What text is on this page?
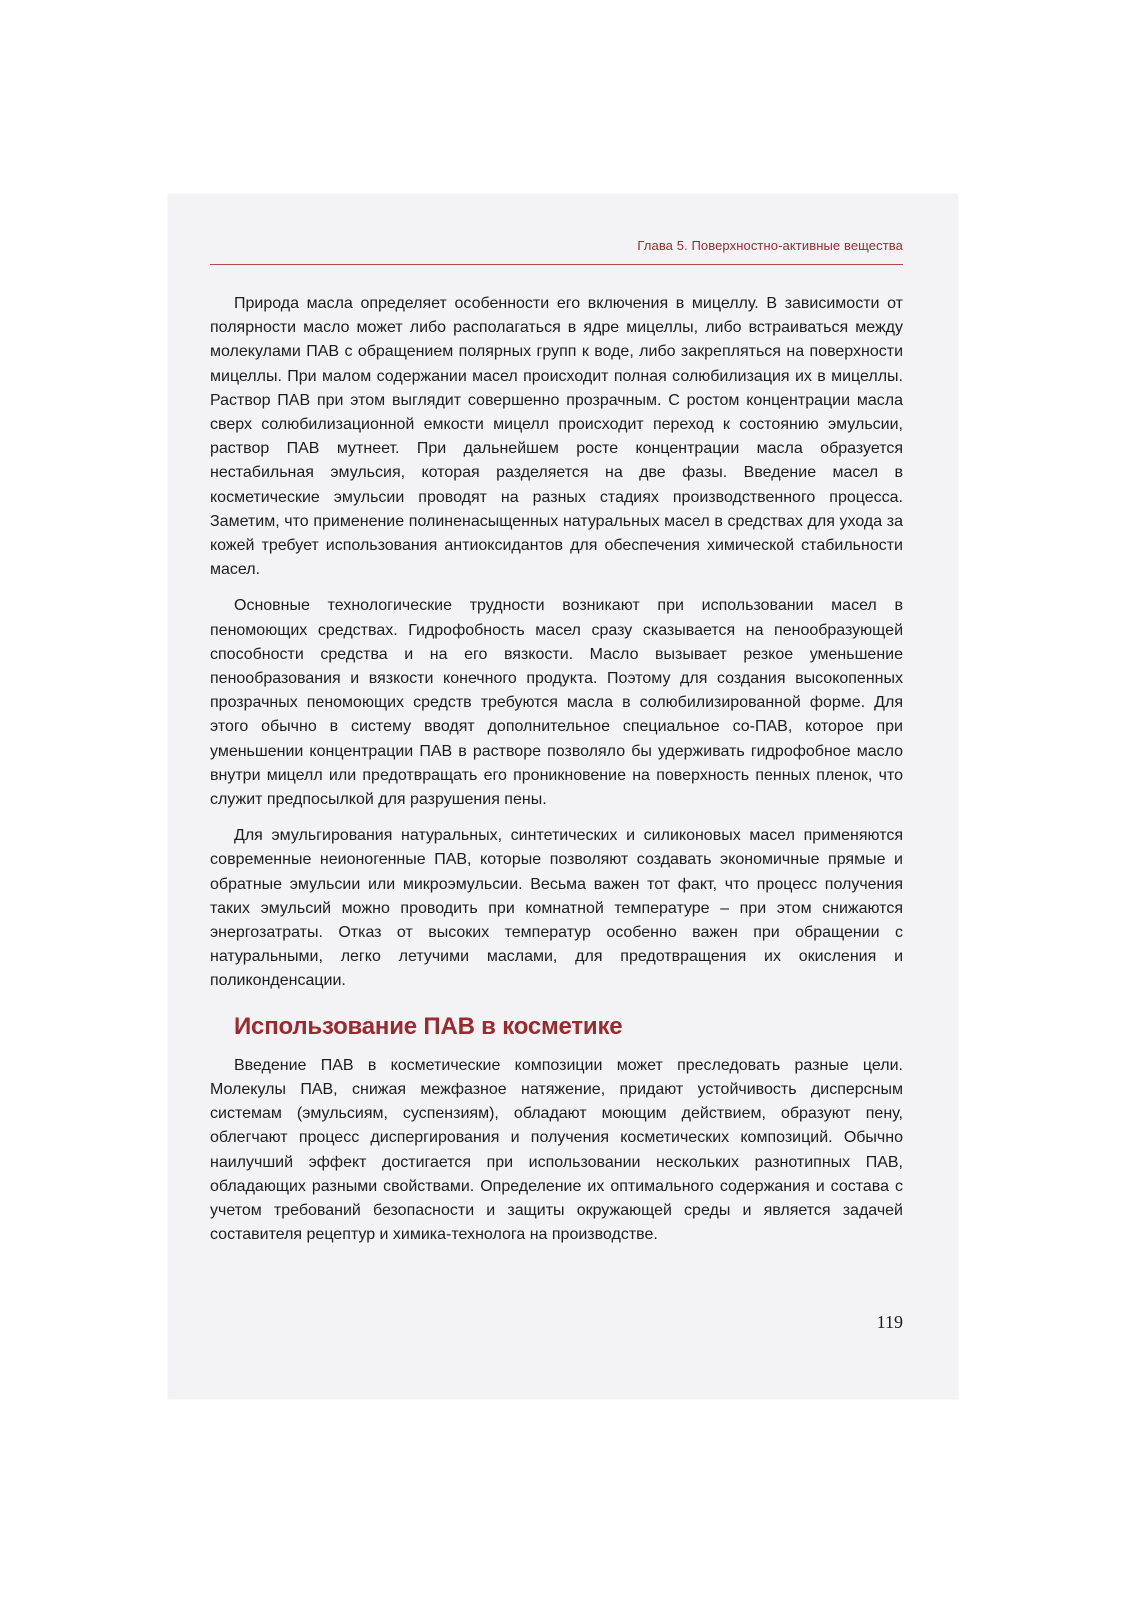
Глава 5. Поверхностно-активные вещества

Природа масла определяет особенности его включения в мицеллу. В зависимости от полярности масло может либо располагаться в ядре мицеллы, либо встраиваться между молекулами ПАВ с обращением полярных групп к воде, либо закрепляться на поверхности мицеллы. При малом содержании масел происходит полная солюбилизация их в мицеллы. Раствор ПАВ при этом выглядит совершенно прозрачным. С ростом концентрации масла сверх солюбилизационной емкости мицелл происходит переход к состоянию эмульсии, раствор ПАВ мутнеет. При дальнейшем росте концентрации масла образуется нестабильная эмульсия, которая разделяется на две фазы. Введение масел в косметические эмульсии проводят на разных стадиях производственного процесса. Заметим, что применение полиненасыщенных натуральных масел в средствах для ухода за кожей требует использования антиоксидантов для обеспечения химической стабильности масел.

Основные технологические трудности возникают при использовании масел в пеномоющих средствах. Гидрофобность масел сразу сказывается на пенообразующей способности средства и на его вязкости. Масло вызывает резкое уменьшение пенообразования и вязкости конечного продукта. Поэтому для создания высокопенных прозрачных пеномоющих средств требуются масла в солюбилизированной форме. Для этого обычно в систему вводят дополнительное специальное со-ПАВ, которое при уменьшении концентрации ПАВ в растворе позволяло бы удерживать гидрофобное масло внутри мицелл или предотвращать его проникновение на поверхность пенных пленок, что служит предпосылкой для разрушения пены.

Для эмульгирования натуральных, синтетических и силиконовых масел применяются современные неионогенные ПАВ, которые позволяют создавать экономичные прямые и обратные эмульсии или микроэмульсии. Весьма важен тот факт, что процесс получения таких эмульсий можно проводить при комнатной температуре – при этом снижаются энергозатраты. Отказ от высоких температур особенно важен при обращении с натуральными, легко летучими маслами, для предотвращения их окисления и поликонденсации.

Использование ПАВ в косметике

Введение ПАВ в косметические композиции может преследовать разные цели. Молекулы ПАВ, снижая межфазное натяжение, придают устойчивость дисперсным системам (эмульсиям, суспензиям), обладают моющим действием, образуют пену, облегчают процесс диспергирования и получения косметических композиций. Обычно наилучший эффект достигается при использовании нескольких разнотипных ПАВ, обладающих разными свойствами. Определение их оптимального содержания и состава с учетом требований безопасности и защиты окружающей среды и является задачей составителя рецептур и химика-технолога на производстве.

119
